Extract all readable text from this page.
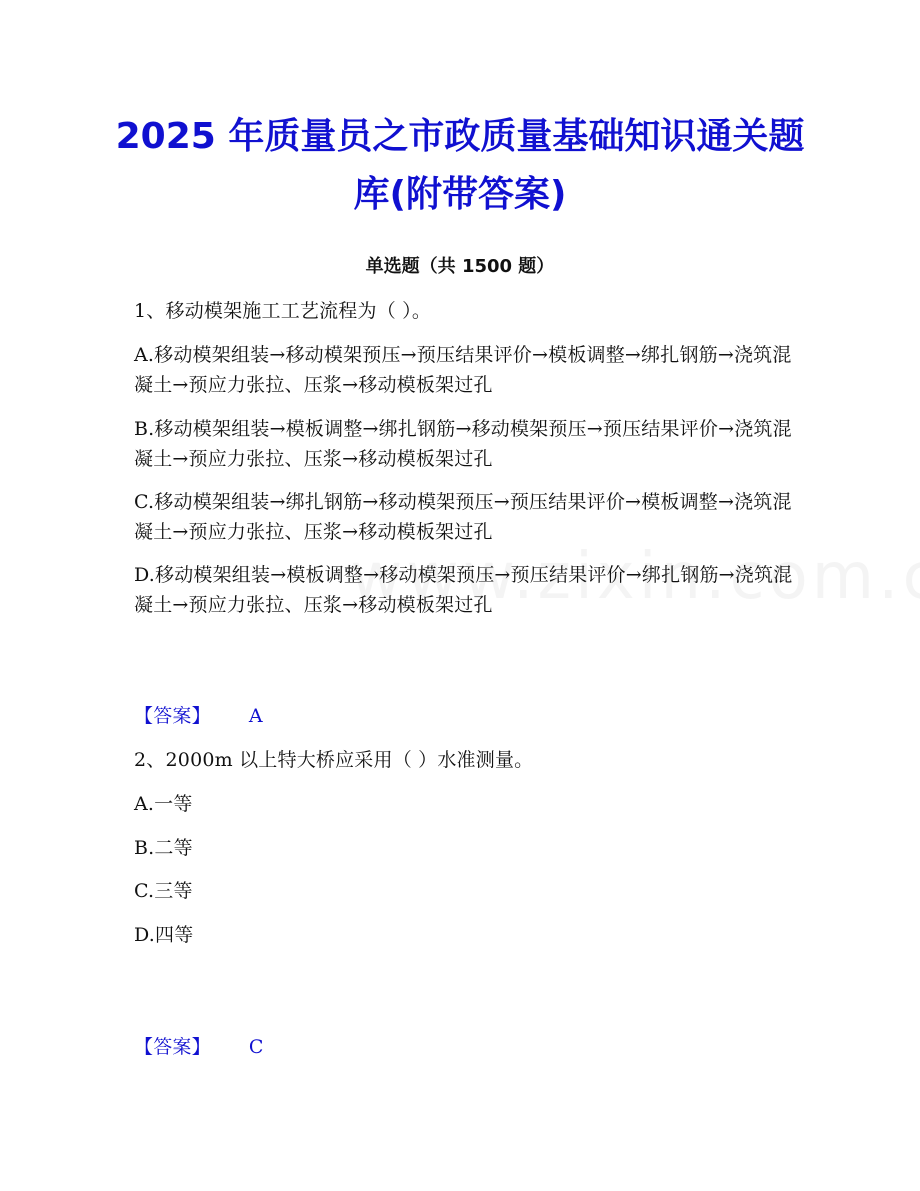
2025 年质量员之市政质量基础知识通关题库(附带答案)
单选题（共 1500 题）
1、移动模架施工工艺流程为（ ）。
A.移动模架组装→移动模架预压→预压结果评价→模板调整→绑扎钢筋→浇筑混凝土→预应力张拉、压浆→移动模板架过孔
B.移动模架组装→模板调整→绑扎钢筋→移动模架预压→预压结果评价→浇筑混凝土→预应力张拉、压浆→移动模板架过孔
C.移动模架组装→绑扎钢筋→移动模架预压→预压结果评价→模板调整→浇筑混凝土→预应力张拉、压浆→移动模板架过孔
D.移动模架组装→模板调整→移动模架预压→预压结果评价→绑扎钢筋→浇筑混凝土→预应力张拉、压浆→移动模板架过孔
【答案】 A
2、2000m 以上特大桥应采用（ ）水准测量。
A.一等
B.二等
C.三等
D.四等
【答案】 C
